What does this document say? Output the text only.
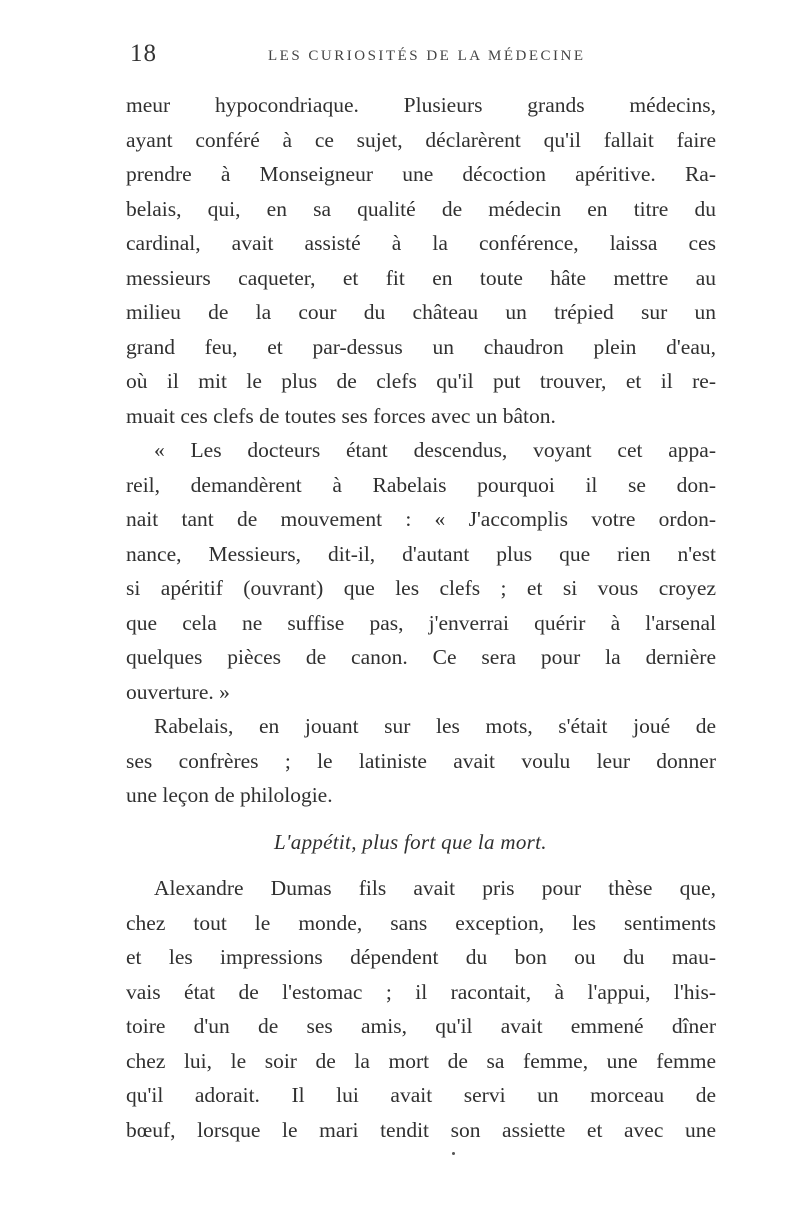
18	LES CURIOSITÉS DE LA MÉDECINE
meur hypocondriaque. Plusieurs grands médecins,
ayant conféré à ce sujet, déclarèrent qu'il fallait faire
prendre à Monseigneur une décoction apéritive. Ra-
belais, qui, en sa qualité de médecin en titre du
cardinal, avait assisté à la conférence, laissa ces
messieurs caqueter, et fit en toute hâte mettre au
milieu de la cour du château un trépied sur un
grand feu, et par-dessus un chaudron plein d'eau,
où il mit le plus de clefs qu'il put trouver, et il re-
muait ces clefs de toutes ses forces avec un bâton.
« Les docteurs étant descendus, voyant cet appa-
reil, demandèrent à Rabelais pourquoi il se don-
nait tant de mouvement : « J'accomplis votre ordon-
nance, Messieurs, dit-il, d'autant plus que rien n'est
si apéritif (ouvrant) que les clefs ; et si vous croyez
que cela ne suffise pas, j'enverrai quérir à l'arsenal
quelques pièces de canon. Ce sera pour la dernière
ouverture. »
Rabelais, en jouant sur les mots, s'était joué de
ses confrères ; le latiniste avait voulu leur donner
une leçon de philologie.
L'appétit, plus fort que la mort.
Alexandre Dumas fils avait pris pour thèse que,
chez tout le monde, sans exception, les sentiments
et les impressions dépendent du bon ou du mau-
vais état de l'estomac ; il racontait, à l'appui, l'his-
toire d'un de ses amis, qu'il avait emmené dîner
chez lui, le soir de la mort de sa femme, une femme
qu'il adorait. Il lui avait servi un morceau de
bœuf, lorsque le mari tendit son assiette et avec une
